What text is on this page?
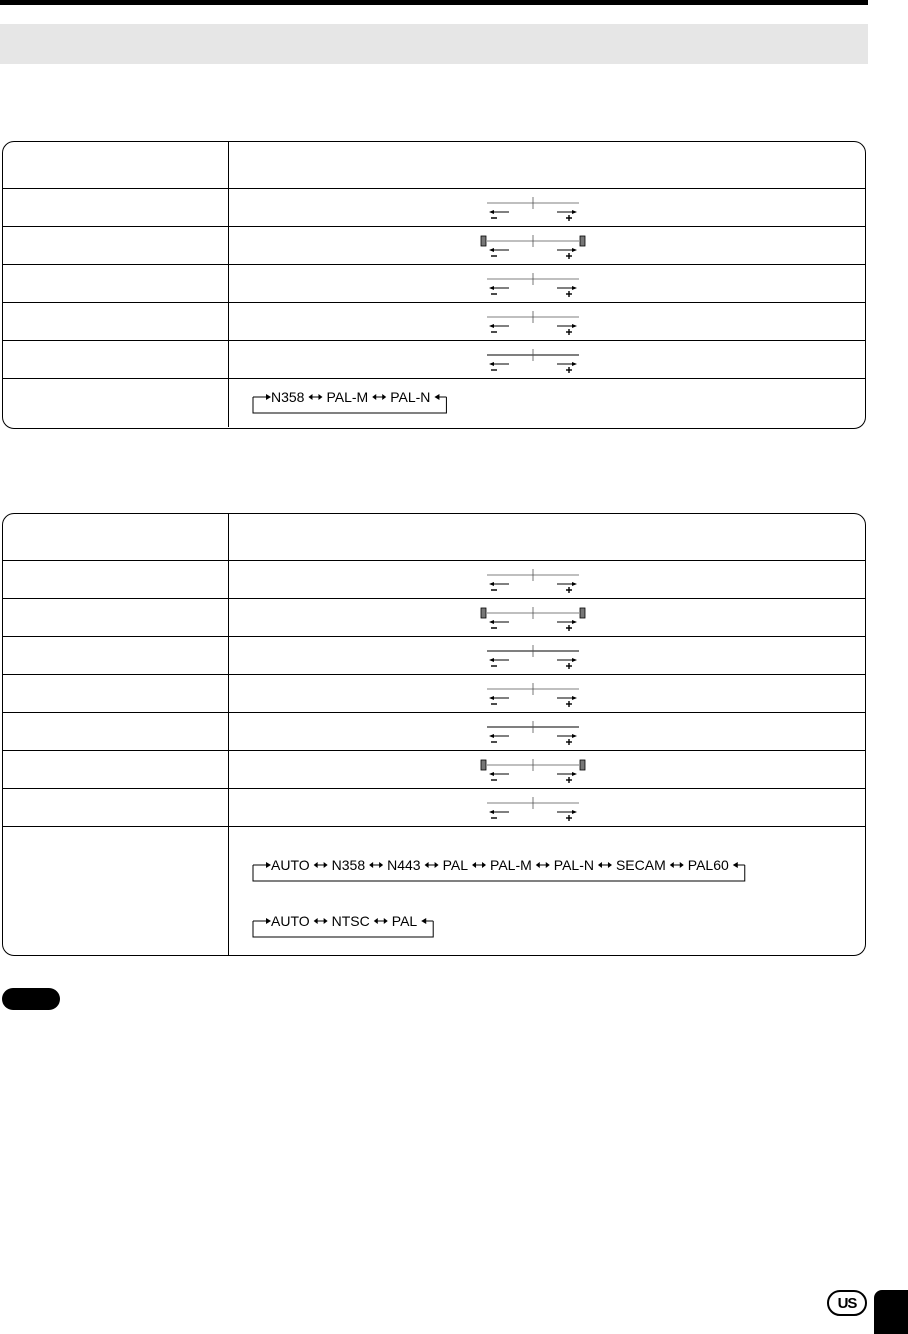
N358 PAL-M PAL-N
AUTO N358 N443 PAL PAL-M PAL-N SECAM PAL60
AUTO NTSC PAL
US
